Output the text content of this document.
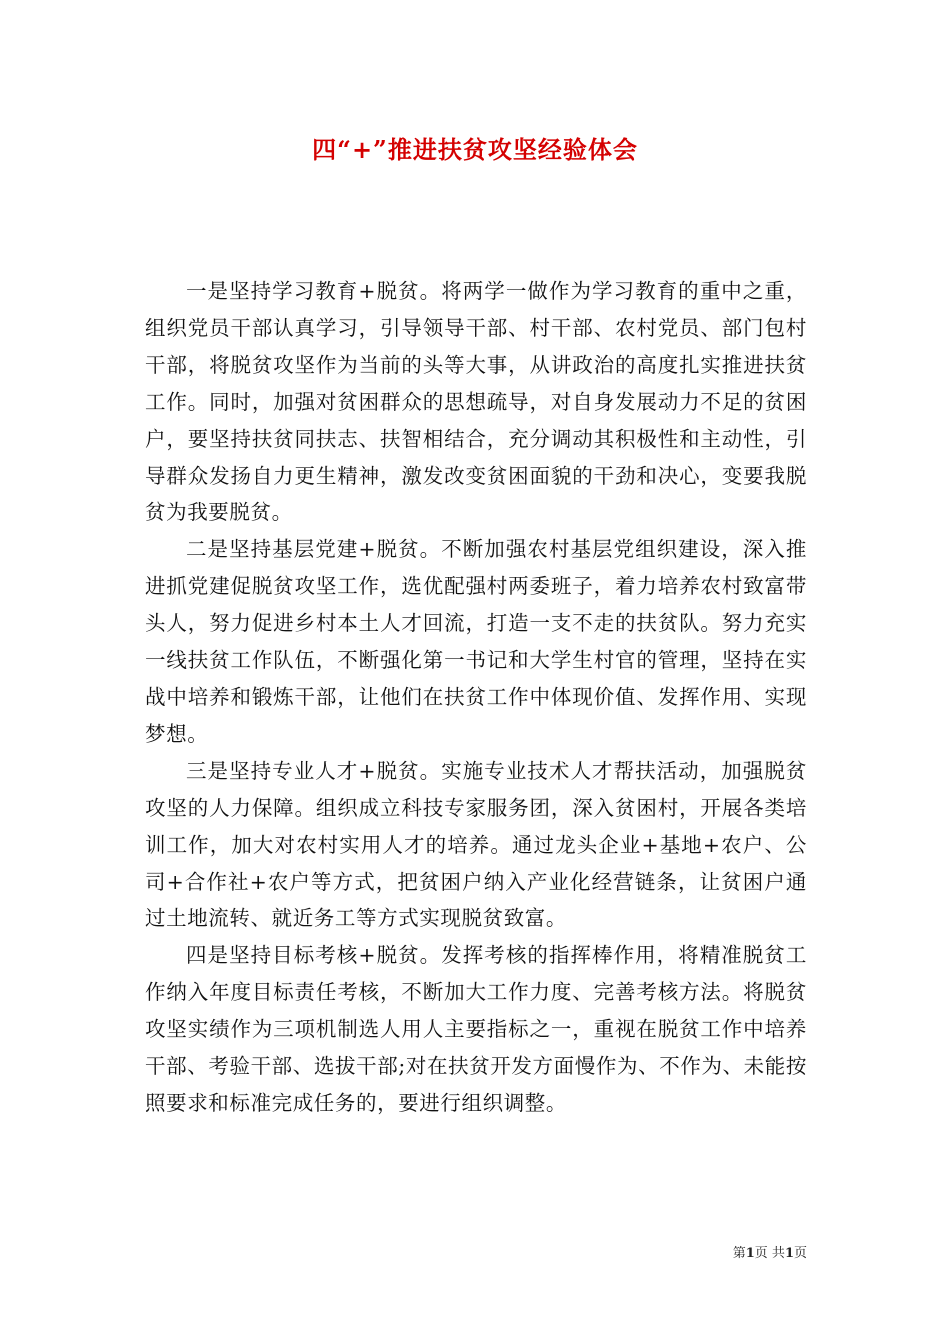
四“+”推进扶贫攻坚经验体会

一是坚持学习教育+脱贫。将两学一做作为学习教育的重中之重，组织党员干部认真学习，引导领导干部、村干部、农村党员、部门包村干部，将脱贫攻坚作为当前的头等大事，从讲政治的高度扎实推进扶贫工作。同时，加强对贫困群众的思想疏导，对自身发展动力不足的贫困户，要坚持扶贫同扶志、扶智相结合，充分调动其积极性和主动性，引导群众发扬自力更生精神，激发改变贫困面貌的干劲和决心，变要我脱贫为我要脱贫。

二是坚持基层党建+脱贫。不断加强农村基层党组织建设，深入推进抓党建促脱贫攻坚工作，选优配强村两委班子，着力培养农村致富带头人，努力促进乡村本土人才回流，打造一支不走的扶贫队。努力充实一线扶贫工作队伍，不断强化第一书记和大学生村官的管理，坚持在实战中培养和锻炼干部，让他们在扶贫工作中体现价值、发挥作用、实现梦想。

三是坚持专业人才+脱贫。实施专业技术人才帮扶活动，加强脱贫攻坚的人力保障。组织成立科技专家服务团，深入贫困村，开展各类培训工作，加大对农村实用人才的培养。通过龙头企业+基地+农户、公司+合作社+农户等方式，把贫困户纳入产业化经营链条，让贫困户通过土地流转、就近务工等方式实现脱贫致富。

四是坚持目标考核+脱贫。发挥考核的指挥棒作用，将精准脱贫工作纳入年度目标责任考核，不断加大工作力度、完善考核方法。将脱贫攻坚实绩作为三项机制选人用人主要指标之一，重视在脱贫工作中培养干部、考验干部、选拔干部;对在扶贫开发方面慢作为、不作为、未能按照要求和标准完成任务的，要进行组织调整。

第1页 共1页
